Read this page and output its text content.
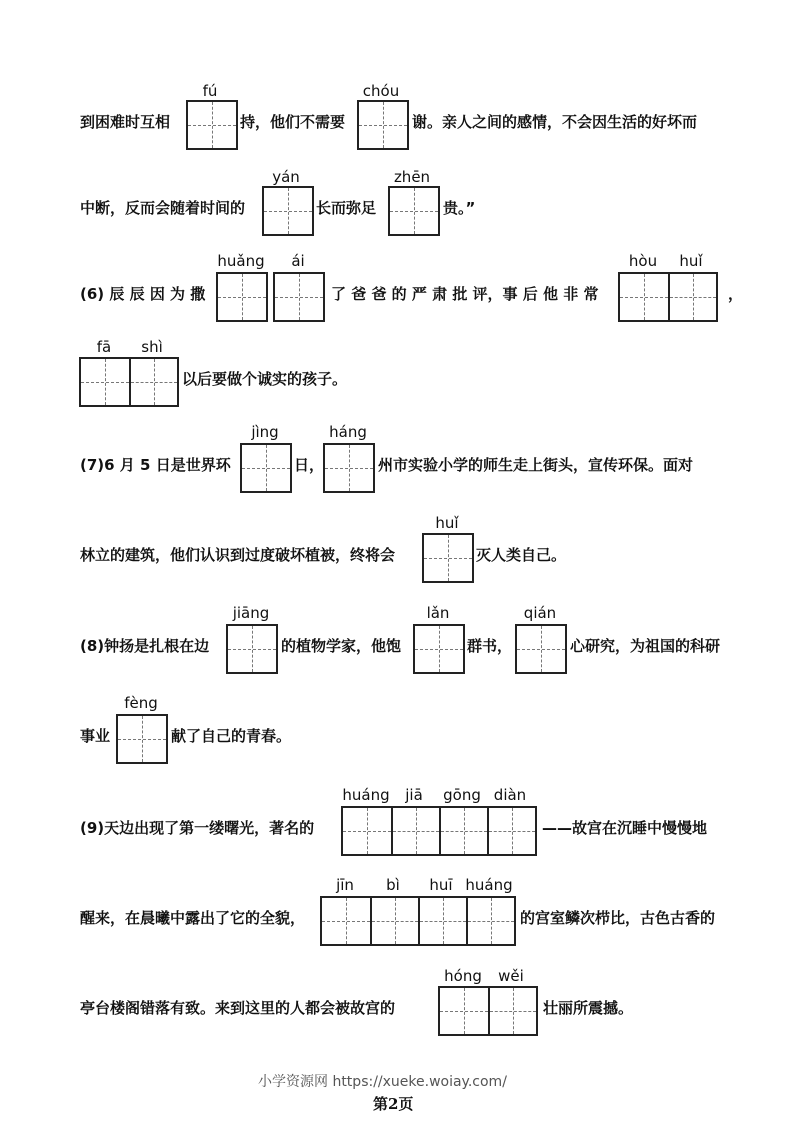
fú	chóu
到困难时互相	持，他们不需要	谢。亲人之间的感情，不会因生活的好坏而
yán	zhēn
中断，反而会随着时间的	长而弥足	贵。”
huǎng	ái	hòu	huǐ
(6) 辰 辰 因 为 撒	了 爸 爸 的 严 肃 批 评，事 后 他 非 常	，
fā	shì
以后要做个诚实的孩子。
jìng	háng
(7)6 月 5 日是世界环	日，	州市实验小学的师生走上街头，宣传环保。面对
huǐ
林立的建筑，他们认识到过度破坏植被，终将会	灭人类自己。
jiāng	lǎn	qián
(8)钟扬是扎根在边	的植物学家，他饱	群书，	心研究，为祖国的科研
fèng
事业	献了自己的青春。
huáng	jiā	gōng diàn
(9)天边出现了第一缕曙光，著名的	——故宫在沉睡中慢慢地
jīn	bì	huī huáng
醒来，在晨曦中露出了它的全貌，	的宫室鳞次栉比，古色古香的
hóng	wěi
亭台楼阁错落有致。来到这里的人都会被故宫的	壮丽所震撼。
小学资源网 https://xueke.woiay.com/
第2页
